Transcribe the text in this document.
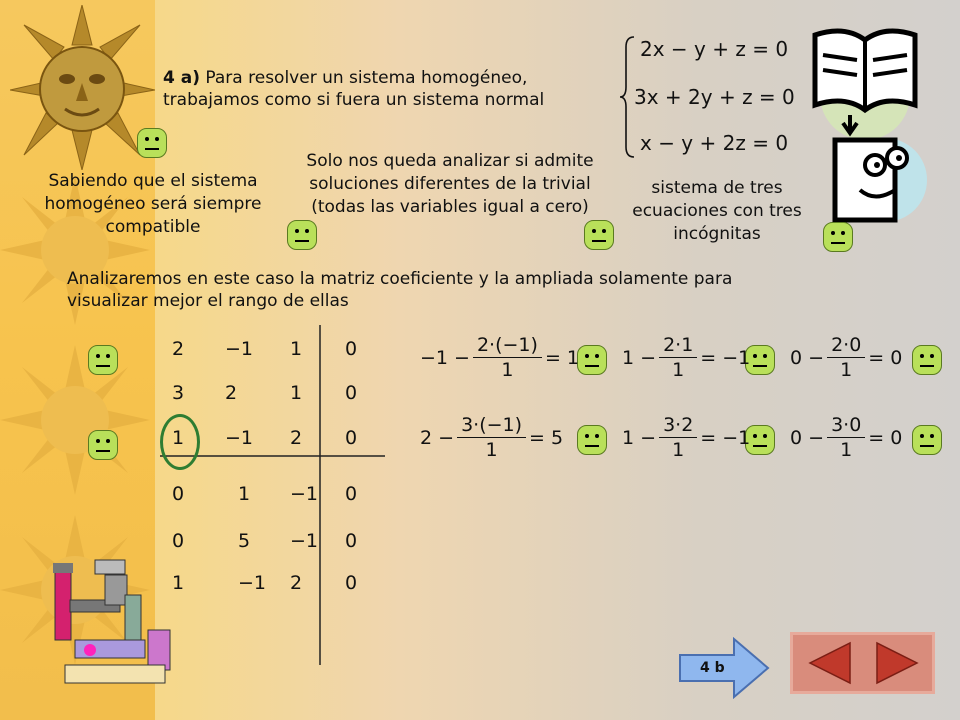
4 a) Para resolver un sistema homogéneo,
trabajamos como si fuera un sistema normal
2x − y + z = 0
3x + 2y + z = 0
x − y + 2z = 0
Sabiendo que el sistema homogéneo será siempre compatible
Solo nos queda analizar si admite soluciones diferentes de la trivial (todas las variables igual a cero)
sistema de tres ecuaciones con tres incógnitas
Analizaremos en este caso la matriz coeficiente y la ampliada solamente para
visualizar mejor el rango de ellas
2 −1 1 0
3 2	1 0
1 −1 2 0
0	1 −1 0
0	5 −1 0
1	−1 2 0
$-1 - \frac{2\cdot(-1)}{1} = 1$ $1 - \frac{2\cdot 1}{1} = -1$ $0 - \frac{2\cdot 0}{1} = 0$
$2 - \frac{3\cdot(-1)}{1} = 5$	$1 - \frac{3\cdot 2}{1} = -1$ $0 - \frac{3\cdot 0}{1} = 0$
4 b
